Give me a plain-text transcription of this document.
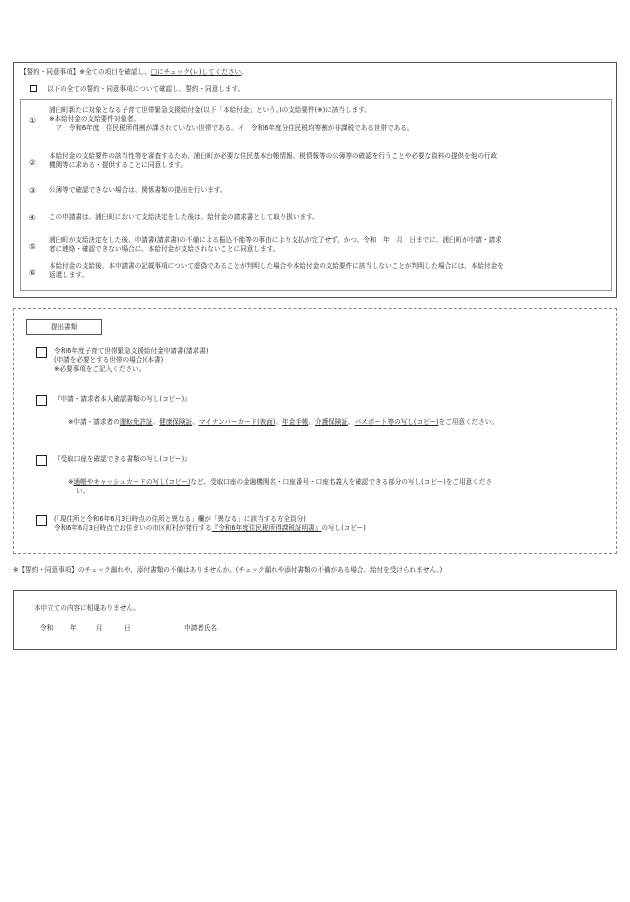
【誓約・同意事項】※全ての項目を確認し、□にチェック(レ)してください。
以下の全ての誓約・同意事項について確認し、誓約・同意します。
①
浦臼町新たに対象となる子育て世帯緊急支援給付金(以下「本給付金」という。)の支給要件(※)に該当します。
※本給付金の支給要件対象者。
　ア　令和6年度　住民税所得割が課されていない世帯である。イ　令和6年度分住民税均等割が非課税である世帯である。
②
本給付金の支給要件の該当性等を審査するため、浦臼町が必要な住民基本台帳情報、税情報等の公簿等の確認を行うことや必要な資料の提供を他の行政
機関等に求める・提供することに同意します。
③	公簿等で確認できない場合は、関係書類の提出を行います。
④	この申請書は、浦臼町において支給決定をした後は、給付金の請求書として取り扱います。
⑤
浦臼町が支給決定をした後、申請書(請求書)の不備による振込不能等の事由により支払が完了せず、かつ、令和　年　月　日までに、浦臼町が申請・請求
者に連絡・確認できない場合に、本給付金が支給されないことに同意します。
⑥
本給付金の支給後、本申請書の記載事項について虚偽であることが判明した場合や本給付金の支給要件に該当しないことが判明した場合には、本給付金を
返還します。
提出書類
令和6年度子育て世帯緊急支援給付金申請書(請求書)
(申請を必要とする世帯の場合)(本書)
※必要事項をご記入ください。
『申請・請求者本人確認書類の写し(コピー)』
※申請・請求者の運転免許証、健康保険証、マイナンバーカード(表面)、年金手帳、介護保険証、パスポート等の写し(コピー)をご用意ください。
『受取口座を確認できる書類の写し(コピー)』
※通帳やキャッシュカードの写し(コピー)など、受取口座の金融機関名・口座番号・口座名義人を確認できる部分の写し(コピー)をご用意くださ
い。
(「現住所と令和6年6月3日時点の住所と異なる」欄が「異なる」に該当する方全員分)
令和6年6月3日時点でお住まいの市区町村が発行する『令和6年度住民税所得課税証明書』の写し(コピー)
※【誓約・同意事項】のチェック漏れや、添付書類の不備はありませんか。(チェック漏れや添付書類の不備がある場合、給付を受けられません。)
本申立ての内容に相違ありません。
令和	年	月	日	申請者氏名
